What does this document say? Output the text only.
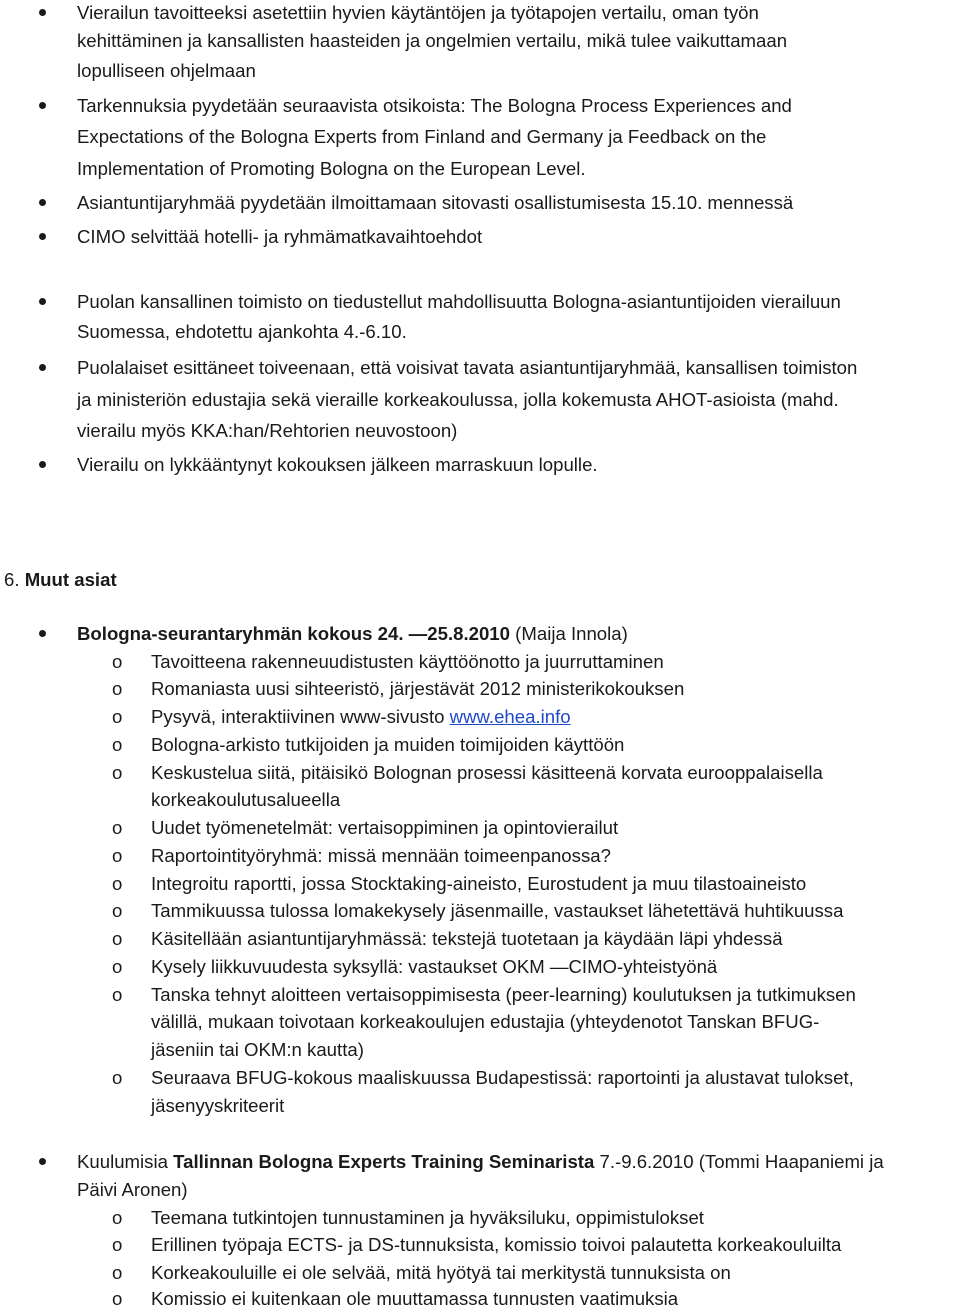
Vierailun tavoitteeksi asetettiin hyvien käytäntöjen ja työtapojen vertailu, oman työn
kehittäminen ja kansallisten haasteiden ja ongelmien vertailu, mikä tulee vaikuttamaan
lopulliseen ohjelmaan
Tarkennuksia pyydetään seuraavista otsikoista: The Bologna Process Experiences and
Expectations of the Bologna Experts from Finland and Germany ja Feedback on the
Implementation of Promoting Bologna on the European Level.
Asiantuntijaryhmää pyydetään ilmoittamaan sitovasti osallistumisesta 15.10. mennessä
CIMO selvittää hotelli- ja ryhmämatkavaihtoehdot
Puolan kansallinen toimisto on tiedustellut mahdollisuutta Bologna-asiantuntijoiden vierailuun
Suomessa, ehdotettu ajankohta 4.-6.10.
Puolalaiset esittäneet toiveenaan, että voisivat tavata asiantuntijaryhmää, kansallisen toimiston
ja ministeriön edustajia sekä vieraille korkeakoulussa, jolla kokemusta AHOT-asioista (mahd.
vierailu myös KKA:han/Rehtorien neuvostoon)
Vierailu on lykkääntynyt kokouksen jälkeen marraskuun lopulle.
6. Muut asiat
Bologna-seurantaryhmän kokous 24. —25.8.2010 (Maija Innola)
o Tavoitteena rakenneuudistusten käyttöönotto ja juurruttaminen
o Romaniasta uusi sihteeristö, järjestävät 2012 ministerikokouksen
o Pysyvä, interaktiivinen www-sivusto www.ehea.info
o Bologna-arkisto tutkijoiden ja muiden toimijoiden käyttöön
o Keskustelua siitä, pitäisikö Bolognan prosessi käsitteenä korvata eurooppalaisella
korkeakoulutusalueella
o Uudet työmenetelmät: vertaisoppiminen ja opintovierailut
o Raportointityöryhmä: missä mennään toimeenpanossa?
o Integroitu raportti, jossa Stocktaking-aineisto, Eurostudent ja muu tilastoaineisto
o Tammikuussa tulossa lomakekysely jäsenmaille, vastaukset lähetettävä huhtikuussa
o Käsitellään asiantuntijaryhmässä: tekstejä tuotetaan ja käydään läpi yhdessä
o Kysely liikkuvuudesta syksyllä: vastaukset OKM —CIMO-yhteistyönä
o Tanska tehnyt aloitteen vertaisoppimisesta (peer-learning) koulutuksen ja tutkimuksen
välillä, mukaan toivotaan korkeakoulujen edustajia (yhteydenotot Tanskan BFUG-
jäseniin tai OKM:n kautta)
o Seuraava BFUG-kokous maaliskuussa Budapestissä: raportointi ja alustavat tulokset,
jäsenyyskriteerit
Kuulumisia Tallinnan Bologna Experts Training Seminarista 7.-9.6.2010 (Tommi Haapaniemi ja
Päivi Aronen)
o Teemana tutkintojen tunnustaminen ja hyväksiluku, oppimistulokset
o Erillinen työpaja ECTS- ja DS-tunnuksista, komissio toivoi palautetta korkeakouluilta
o Korkeakouluille ei ole selvää, mitä hyötyä tai merkitystä tunnuksista on
o Komissio ei kuitenkaan ole muuttamassa tunnusten vaatimuksia
